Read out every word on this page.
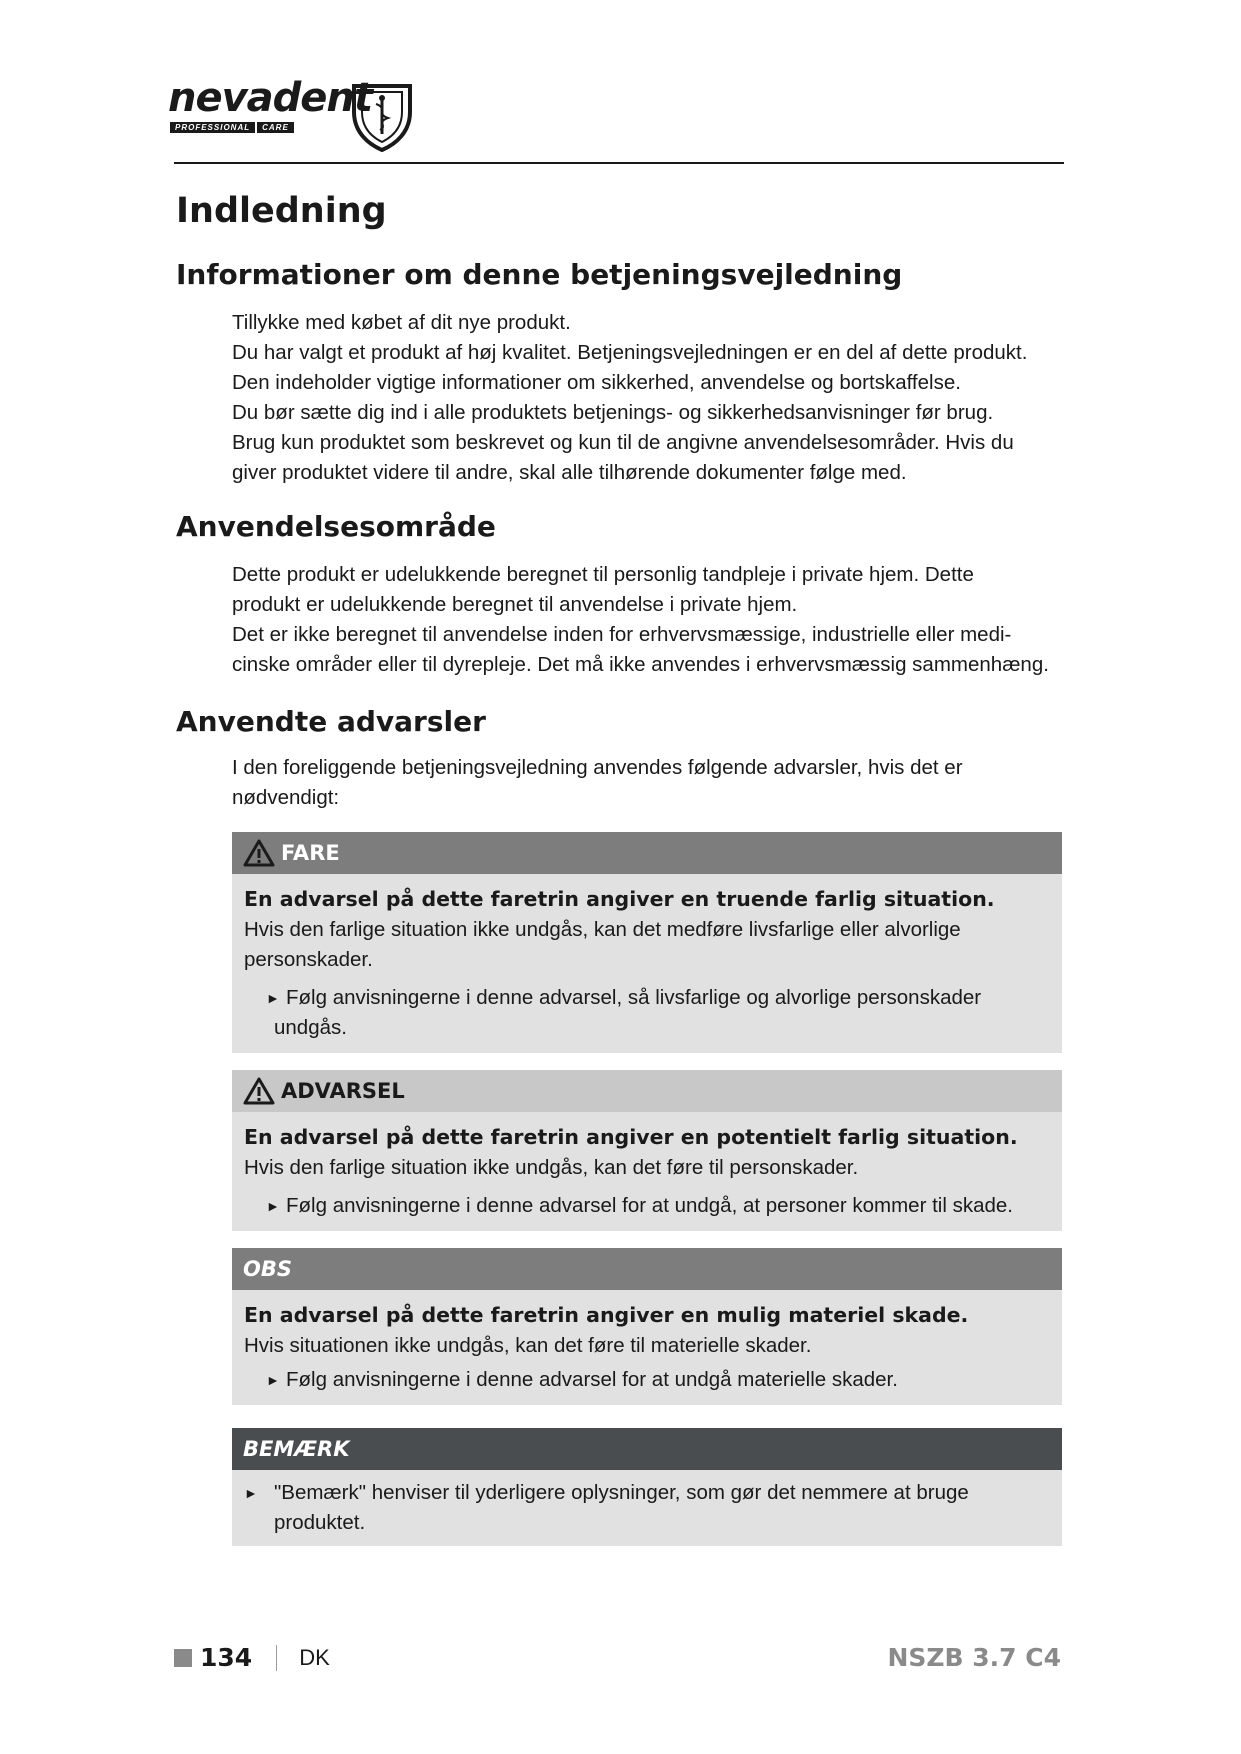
nevadent
PROFESSIONAL	CARE
Indledning
Informationer om denne betjeningsvejledning

Tillykke med købet af dit nye produkt.

Du har valgt et produkt af høj kvalitet. Betjeningsvejledningen er en del af dette produkt.

Den indeholder vigtige informationer om sikkerhed, anvendelse og bortskaffelse.

Du bør sætte dig ind i alle produktets betjenings- og sikkerhedsanvisninger før brug.

Brug kun produktet som beskrevet og kun til de angivne anvendelsesområder. Hvis du

giver produktet videre til andre, skal alle tilhørende dokumenter følge med.

Anvendelsesområde

Dette produkt er udelukkende beregnet til personlig tandpleje i private hjem. Dette

produkt er udelukkende beregnet til anvendelse i private hjem.

Det er ikke beregnet til anvendelse inden for erhvervsmæssige, industrielle eller medi-

cinske områder eller til dyrepleje. Det må ikke anvendes i erhvervsmæssig sammenhæng.

Anvendte advarsler

I den foreliggende betjeningsvejledning anvendes følgende advarsler, hvis det er

nødvendigt:

FARE
En advarsel på dette faretrin angiver en truende farlig situation.
Hvis den farlige situation ikke undgås, kan det medføre livsfarlige eller alvorlige
personskader.
► Følg anvisningerne i denne advarsel, så livsfarlige og alvorlige personskader
undgås.
ADVARSEL
En advarsel på dette faretrin angiver en potentielt farlig situation.
Hvis den farlige situation ikke undgås, kan det føre til personskader.
► Følg anvisningerne i denne advarsel for at undgå, at personer kommer til skade.
OBS
En advarsel på dette faretrin angiver en mulig materiel skade.
Hvis situationen ikke undgås, kan det føre til materielle skader.
► Følg anvisningerne i denne advarsel for at undgå materielle skader.
BEMÆRK
► "Bemærk" henviser til yderligere oplysninger, som gør det nemmere at bruge
produktet.
134 DK	NSZB 3.7 C4
